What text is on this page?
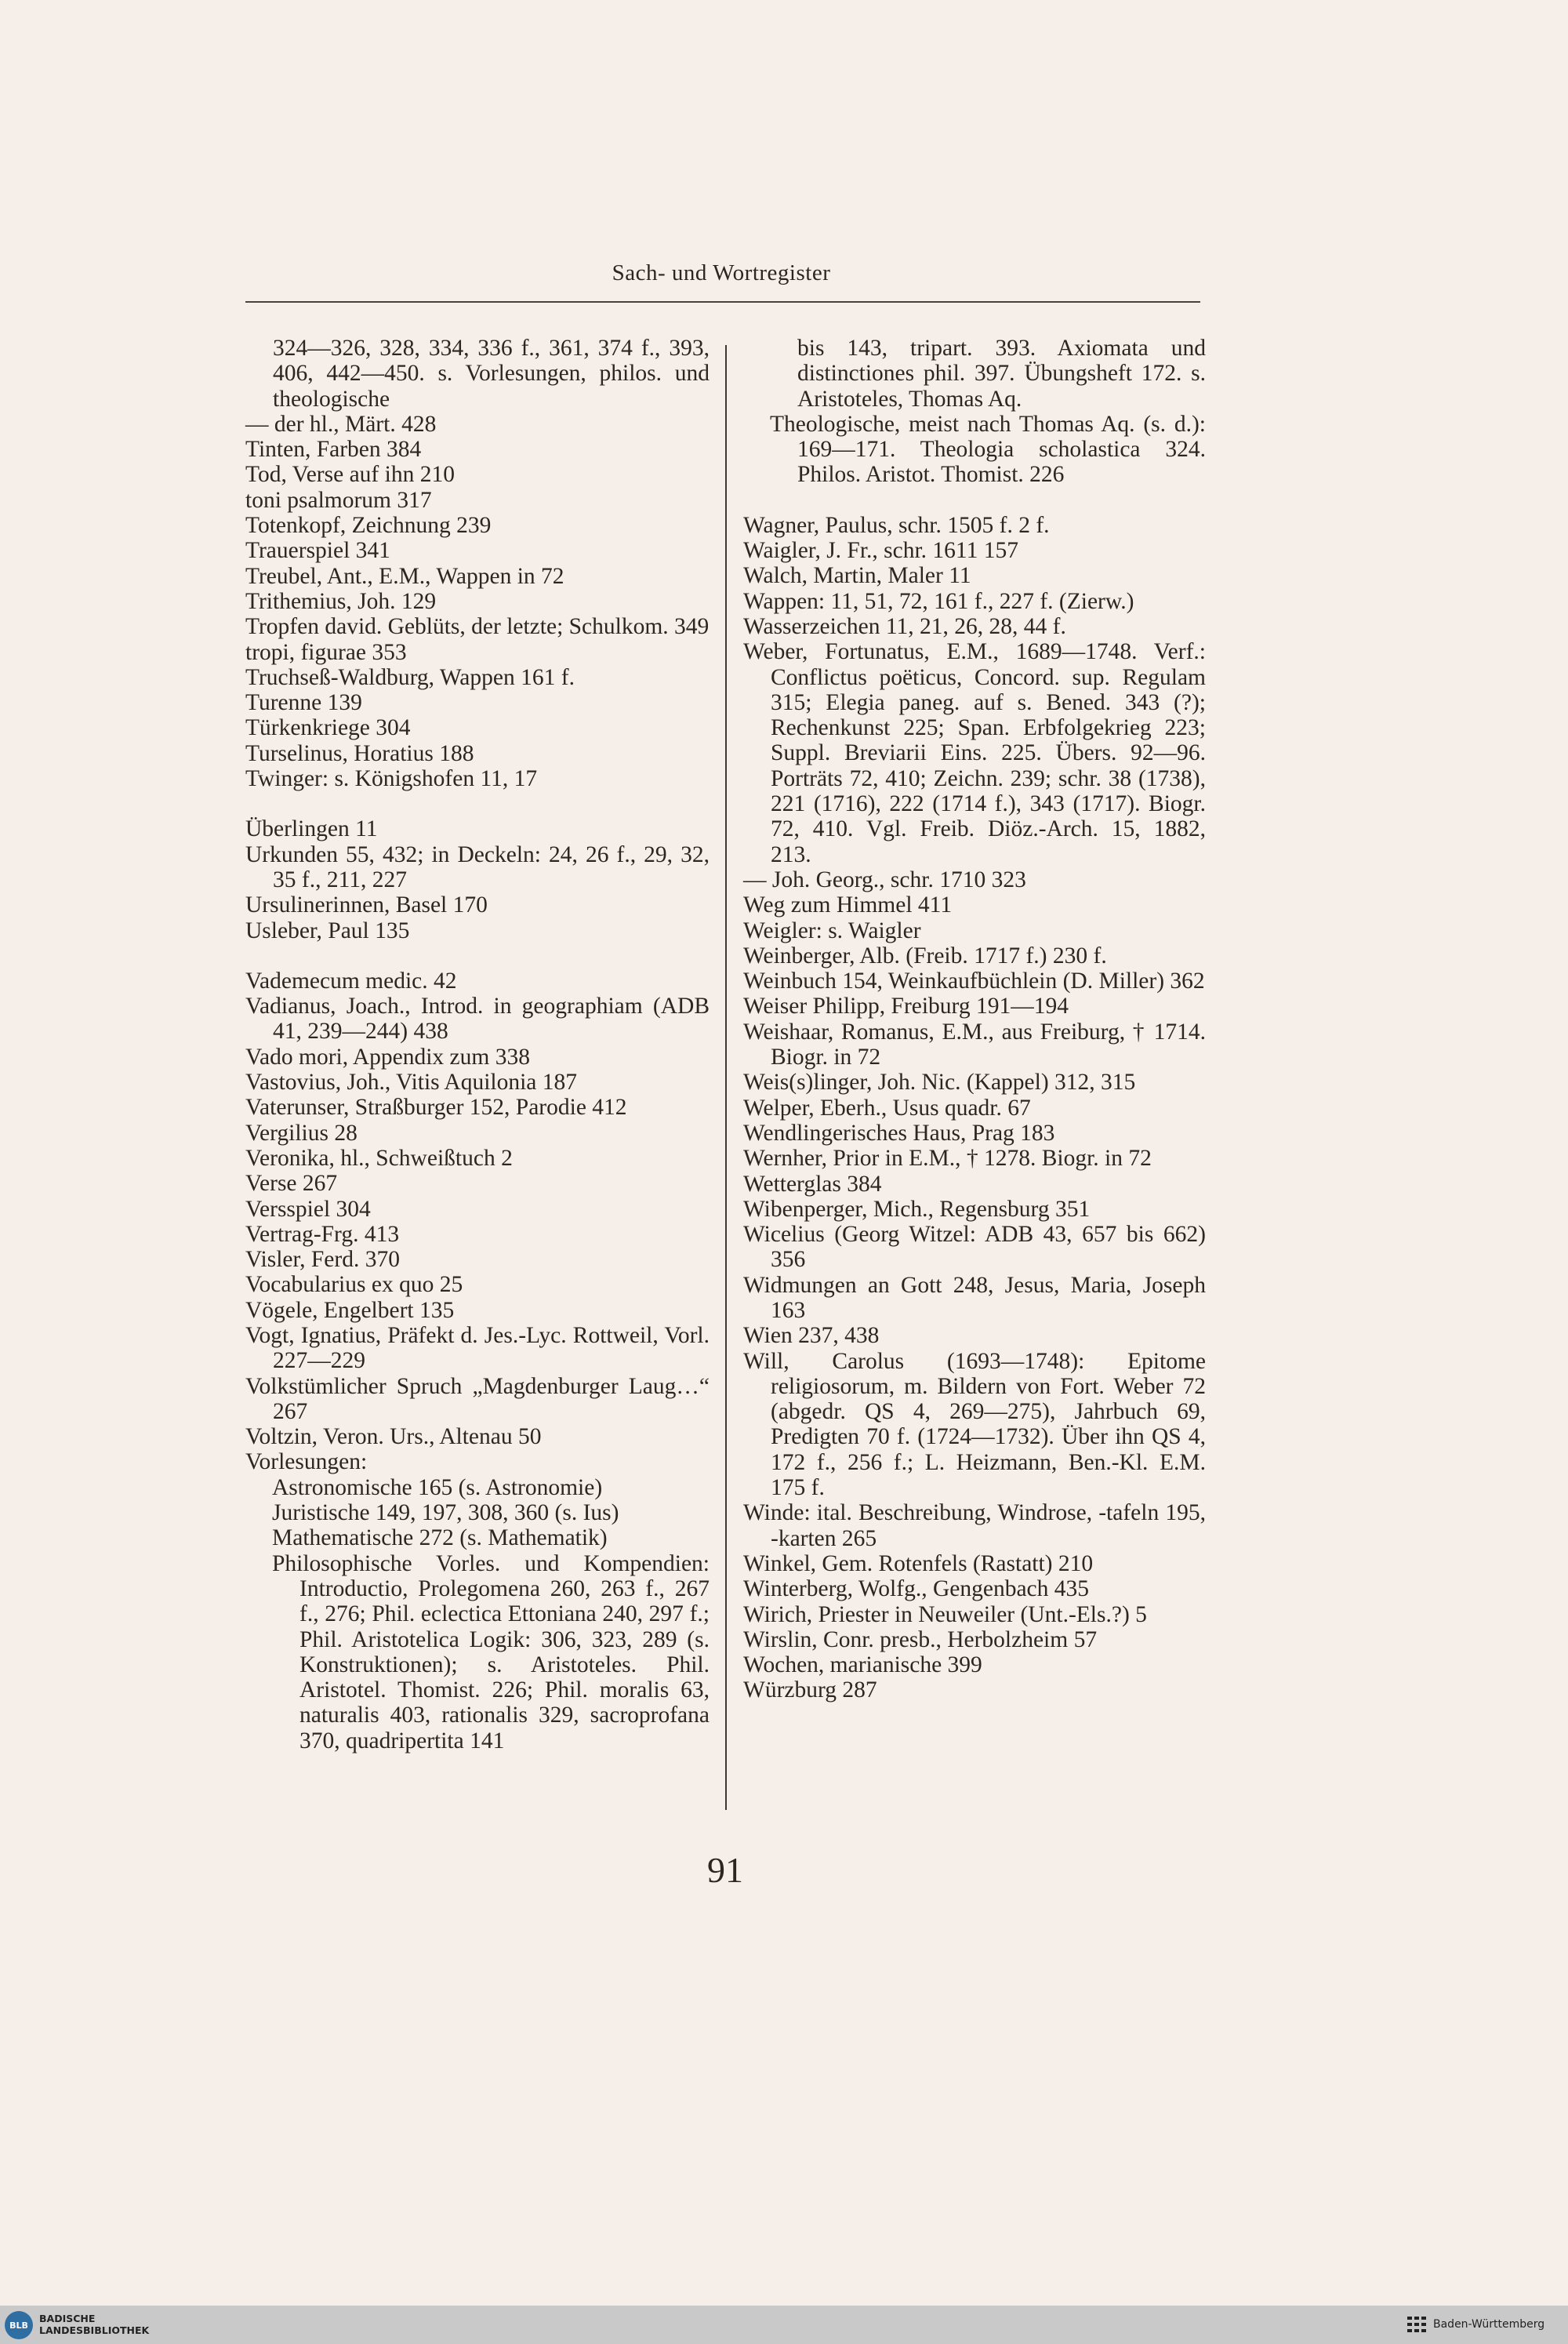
Sach- und Wortregister
324—326, 328, 334, 336 f., 361, 374 f., 393, 406, 442—450. s. Vorlesungen, philos. und theologische
— der hl., Märt. 428
Tinten, Farben 384
Tod, Verse auf ihn 210
toni psalmorum 317
Totenkopf, Zeichnung 239
Trauerspiel 341
Treubel, Ant., E.M., Wappen in 72
Trithemius, Joh. 129
Tropfen david. Geblüts, der letzte; Schulkom. 349
tropi, figurae 353
Truchseß-Waldburg, Wappen 161 f.
Turenne 139
Türkenkriege 304
Turselinus, Horatius 188
Twinger: s. Königshofen 11, 17
Überlingen 11
Urkunden 55, 432; in Deckeln: 24, 26 f., 29, 32, 35 f., 211, 227
Ursulinerinnen, Basel 170
Usleber, Paul 135
Vademecum medic. 42
Vadianus, Joach., Introd. in geographiam (ADB 41, 239—244) 438
Vado mori, Appendix zum 338
Vastovius, Joh., Vitis Aquilonia 187
Vaterunser, Straßburger 152, Parodie 412
Vergilius 28
Veronika, hl., Schweißtuch 2
Verse 267
Versspiel 304
Vertrag-Frg. 413
Visler, Ferd. 370
Vocabularius ex quo 25
Vögele, Engelbert 135
Vogt, Ignatius, Präfekt d. Jes.-Lyc. Rottweil, Vorl. 227—229
Volkstümlicher Spruch „Magdenburger Laug…“ 267
Voltzin, Veron. Urs., Altenau 50
Vorlesungen:
Astronomische 165 (s. Astronomie)
Juristische 149, 197, 308, 360 (s. Ius)
Mathematische 272 (s. Mathematik)
Philosophische Vorles. und Kompendien: Introductio, Prolegomena 260, 263 f., 267 f., 276; Phil. eclectica Ettoniana 240, 297 f.; Phil. Aristotelica Logik: 306, 323, 289 (s. Konstruktionen); s. Aristoteles. Phil. Aristotel. Thomist. 226; Phil. moralis 63, naturalis 403, rationalis 329, sacroprofana 370, quadripertita 141
bis 143, tripart. 393. Axiomata und distinctiones phil. 397. Übungsheft 172. s. Aristoteles, Thomas Aq.
Theologische, meist nach Thomas Aq. (s. d.): 169—171. Theologia scholastica 324. Philos. Aristot. Thomist. 226
Wagner, Paulus, schr. 1505 f. 2 f.
Waigler, J. Fr., schr. 1611 157
Walch, Martin, Maler 11
Wappen: 11, 51, 72, 161 f., 227 f. (Zierw.)
Wasserzeichen 11, 21, 26, 28, 44 f.
Weber, Fortunatus, E.M., 1689—1748. Verf.: Conflictus poëticus, Concord. sup. Regulam 315; Elegia paneg. auf s. Bened. 343 (?); Rechenkunst 225; Span. Erbfolgekrieg 223; Suppl. Breviarii Eins. 225. Übers. 92—96. Porträts 72, 410; Zeichn. 239; schr. 38 (1738), 221 (1716), 222 (1714 f.), 343 (1717). Biogr. 72, 410. Vgl. Freib. Diöz.-Arch. 15, 1882, 213.
— Joh. Georg., schr. 1710 323
Weg zum Himmel 411
Weigler: s. Waigler
Weinberger, Alb. (Freib. 1717 f.) 230 f.
Weinbuch 154, Weinkaufbüchlein (D. Miller) 362
Weiser Philipp, Freiburg 191—194
Weishaar, Romanus, E.M., aus Freiburg, † 1714. Biogr. in 72
Weis(s)linger, Joh. Nic. (Kappel) 312, 315
Welper, Eberh., Usus quadr. 67
Wendlingerisches Haus, Prag 183
Wernher, Prior in E.M., † 1278. Biogr. in 72
Wetterglas 384
Wibenperger, Mich., Regensburg 351
Wicelius (Georg Witzel: ADB 43, 657 bis 662) 356
Widmungen an Gott 248, Jesus, Maria, Joseph 163
Wien 237, 438
Will, Carolus (1693—1748): Epitome religiosorum, m. Bildern von Fort. Weber 72 (abgedr. QS 4, 269—275), Jahrbuch 69, Predigten 70 f. (1724—1732). Über ihn QS 4, 172 f., 256 f.; L. Heizmann, Ben.-Kl. E.M. 175 f.
Winde: ital. Beschreibung, Windrose, -tafeln 195, -karten 265
Winkel, Gem. Rotenfels (Rastatt) 210
Winterberg, Wolfg., Gengenbach 435
Wirich, Priester in Neuweiler (Unt.-Els.?) 5
Wirslin, Conr. presb., Herbolzheim 57
Wochen, marianische 399
Würzburg 287
91
BLB
BADISCHE
LANDESBIBLIOTHEK	Baden-Württemberg
